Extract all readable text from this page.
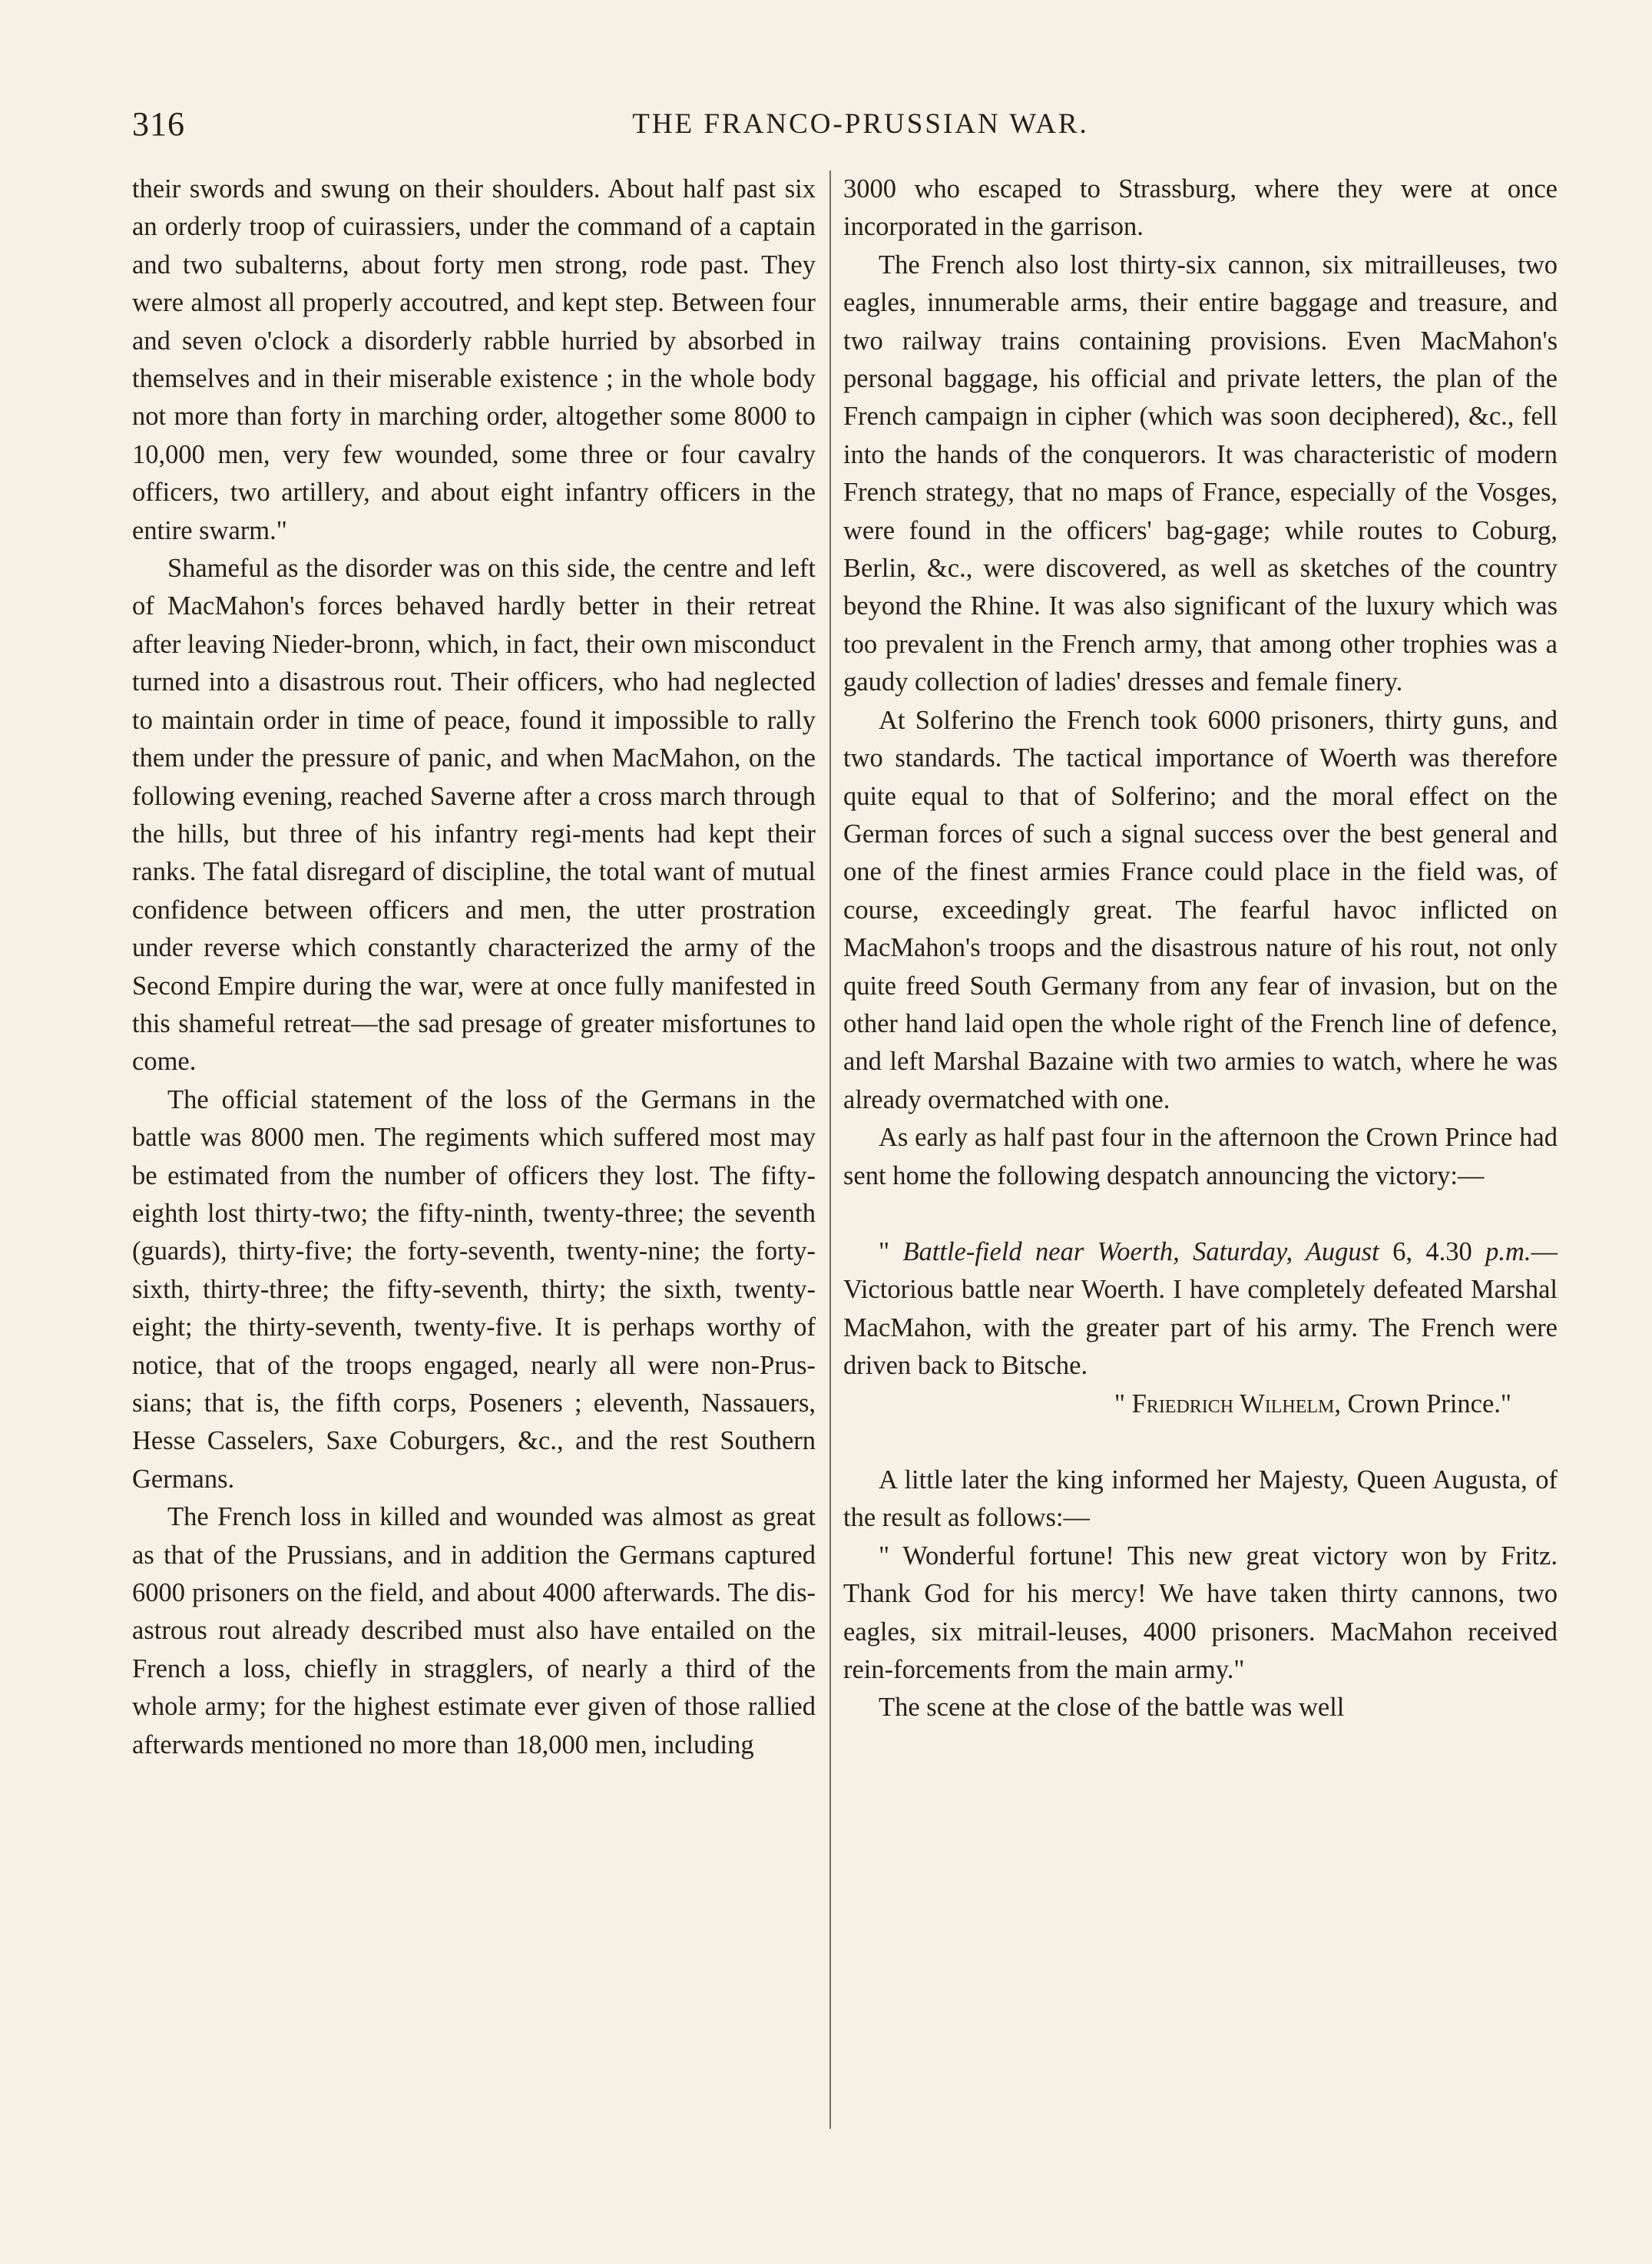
316	THE FRANCO-PRUSSIAN WAR.

their swords and swung on their shoulders. About half past six an orderly troop of cuirassiers, under the command of a captain and two subalterns, about forty men strong, rode past. They were almost all properly accoutred, and kept step. Between four and seven o'clock a disorderly rabble hurried by absorbed in themselves and in their miserable existence ; in the whole body not more than forty in marching order, altogether some 8000 to 10,000 men, very few wounded, some three or four cavalry officers, two artillery, and about eight infantry officers in the entire swarm."

Shameful as the disorder was on this side, the centre and left of MacMahon's forces behaved hardly better in their retreat after leaving Nieder-bronn, which, in fact, their own misconduct turned into a disastrous rout. Their officers, who had neglected to maintain order in time of peace, found it impossible to rally them under the pressure of panic, and when MacMahon, on the following evening, reached Saverne after a cross march through the hills, but three of his infantry regi-ments had kept their ranks. The fatal disregard of discipline, the total want of mutual confidence between officers and men, the utter prostration under reverse which constantly characterized the army of the Second Empire during the war, were at once fully manifested in this shameful retreat—the sad presage of greater misfortunes to come.

The official statement of the loss of the Germans in the battle was 8000 men. The regiments which suffered most may be estimated from the number of officers they lost. The fifty-eighth lost thirty-two; the fifty-ninth, twenty-three; the seventh (guards), thirty-five; the forty-seventh, twenty-nine; the forty-sixth, thirty-three; the fifty-seventh, thirty; the sixth, twenty-eight; the thirty-seventh, twenty-five. It is perhaps worthy of notice, that of the troops engaged, nearly all were non-Prus-sians; that is, the fifth corps, Poseners ; eleventh, Nassauers, Hesse Casselers, Saxe Coburgers, &c., and the rest Southern Germans.

The French loss in killed and wounded was almost as great as that of the Prussians, and in addition the Germans captured 6000 prisoners on the field, and about 4000 afterwards. The dis-astrous rout already described must also have entailed on the French a loss, chiefly in stragglers, of nearly a third of the whole army; for the highest estimate ever given of those rallied afterwards mentioned no more than 18,000 men, including

3000 who escaped to Strassburg, where they were at once incorporated in the garrison.

The French also lost thirty-six cannon, six mitrailleuses, two eagles, innumerable arms, their entire baggage and treasure, and two railway trains containing provisions. Even MacMahon's personal baggage, his official and private letters, the plan of the French campaign in cipher (which was soon deciphered), &c., fell into the hands of the conquerors. It was characteristic of modern French strategy, that no maps of France, especially of the Vosges, were found in the officers' bag-gage; while routes to Coburg, Berlin, &c., were discovered, as well as sketches of the country beyond the Rhine. It was also significant of the luxury which was too prevalent in the French army, that among other trophies was a gaudy collection of ladies' dresses and female finery.

At Solferino the French took 6000 prisoners, thirty guns, and two standards. The tactical importance of Woerth was therefore quite equal to that of Solferino; and the moral effect on the German forces of such a signal success over the best general and one of the finest armies France could place in the field was, of course, exceedingly great. The fearful havoc inflicted on MacMahon's troops and the disastrous nature of his rout, not only quite freed South Germany from any fear of invasion, but on the other hand laid open the whole right of the French line of defence, and left Marshal Bazaine with two armies to watch, where he was already overmatched with one.

As early as half past four in the afternoon the Crown Prince had sent home the following despatch announcing the victory:—

" Battle-field near Woerth, Saturday, August 6, 4.30 p.m.—Victorious battle near Woerth. I have completely defeated Marshal MacMahon, with the greater part of his army. The French were driven back to Bitsche.

" Friedrich Wilhelm, Crown Prince."

A little later the king informed her Majesty, Queen Augusta, of the result as follows:—

" Wonderful fortune! This new great victory won by Fritz. Thank God for his mercy! We have taken thirty cannons, two eagles, six mitrail-leuses, 4000 prisoners. MacMahon received rein-forcements from the main army."

The scene at the close of the battle was well
